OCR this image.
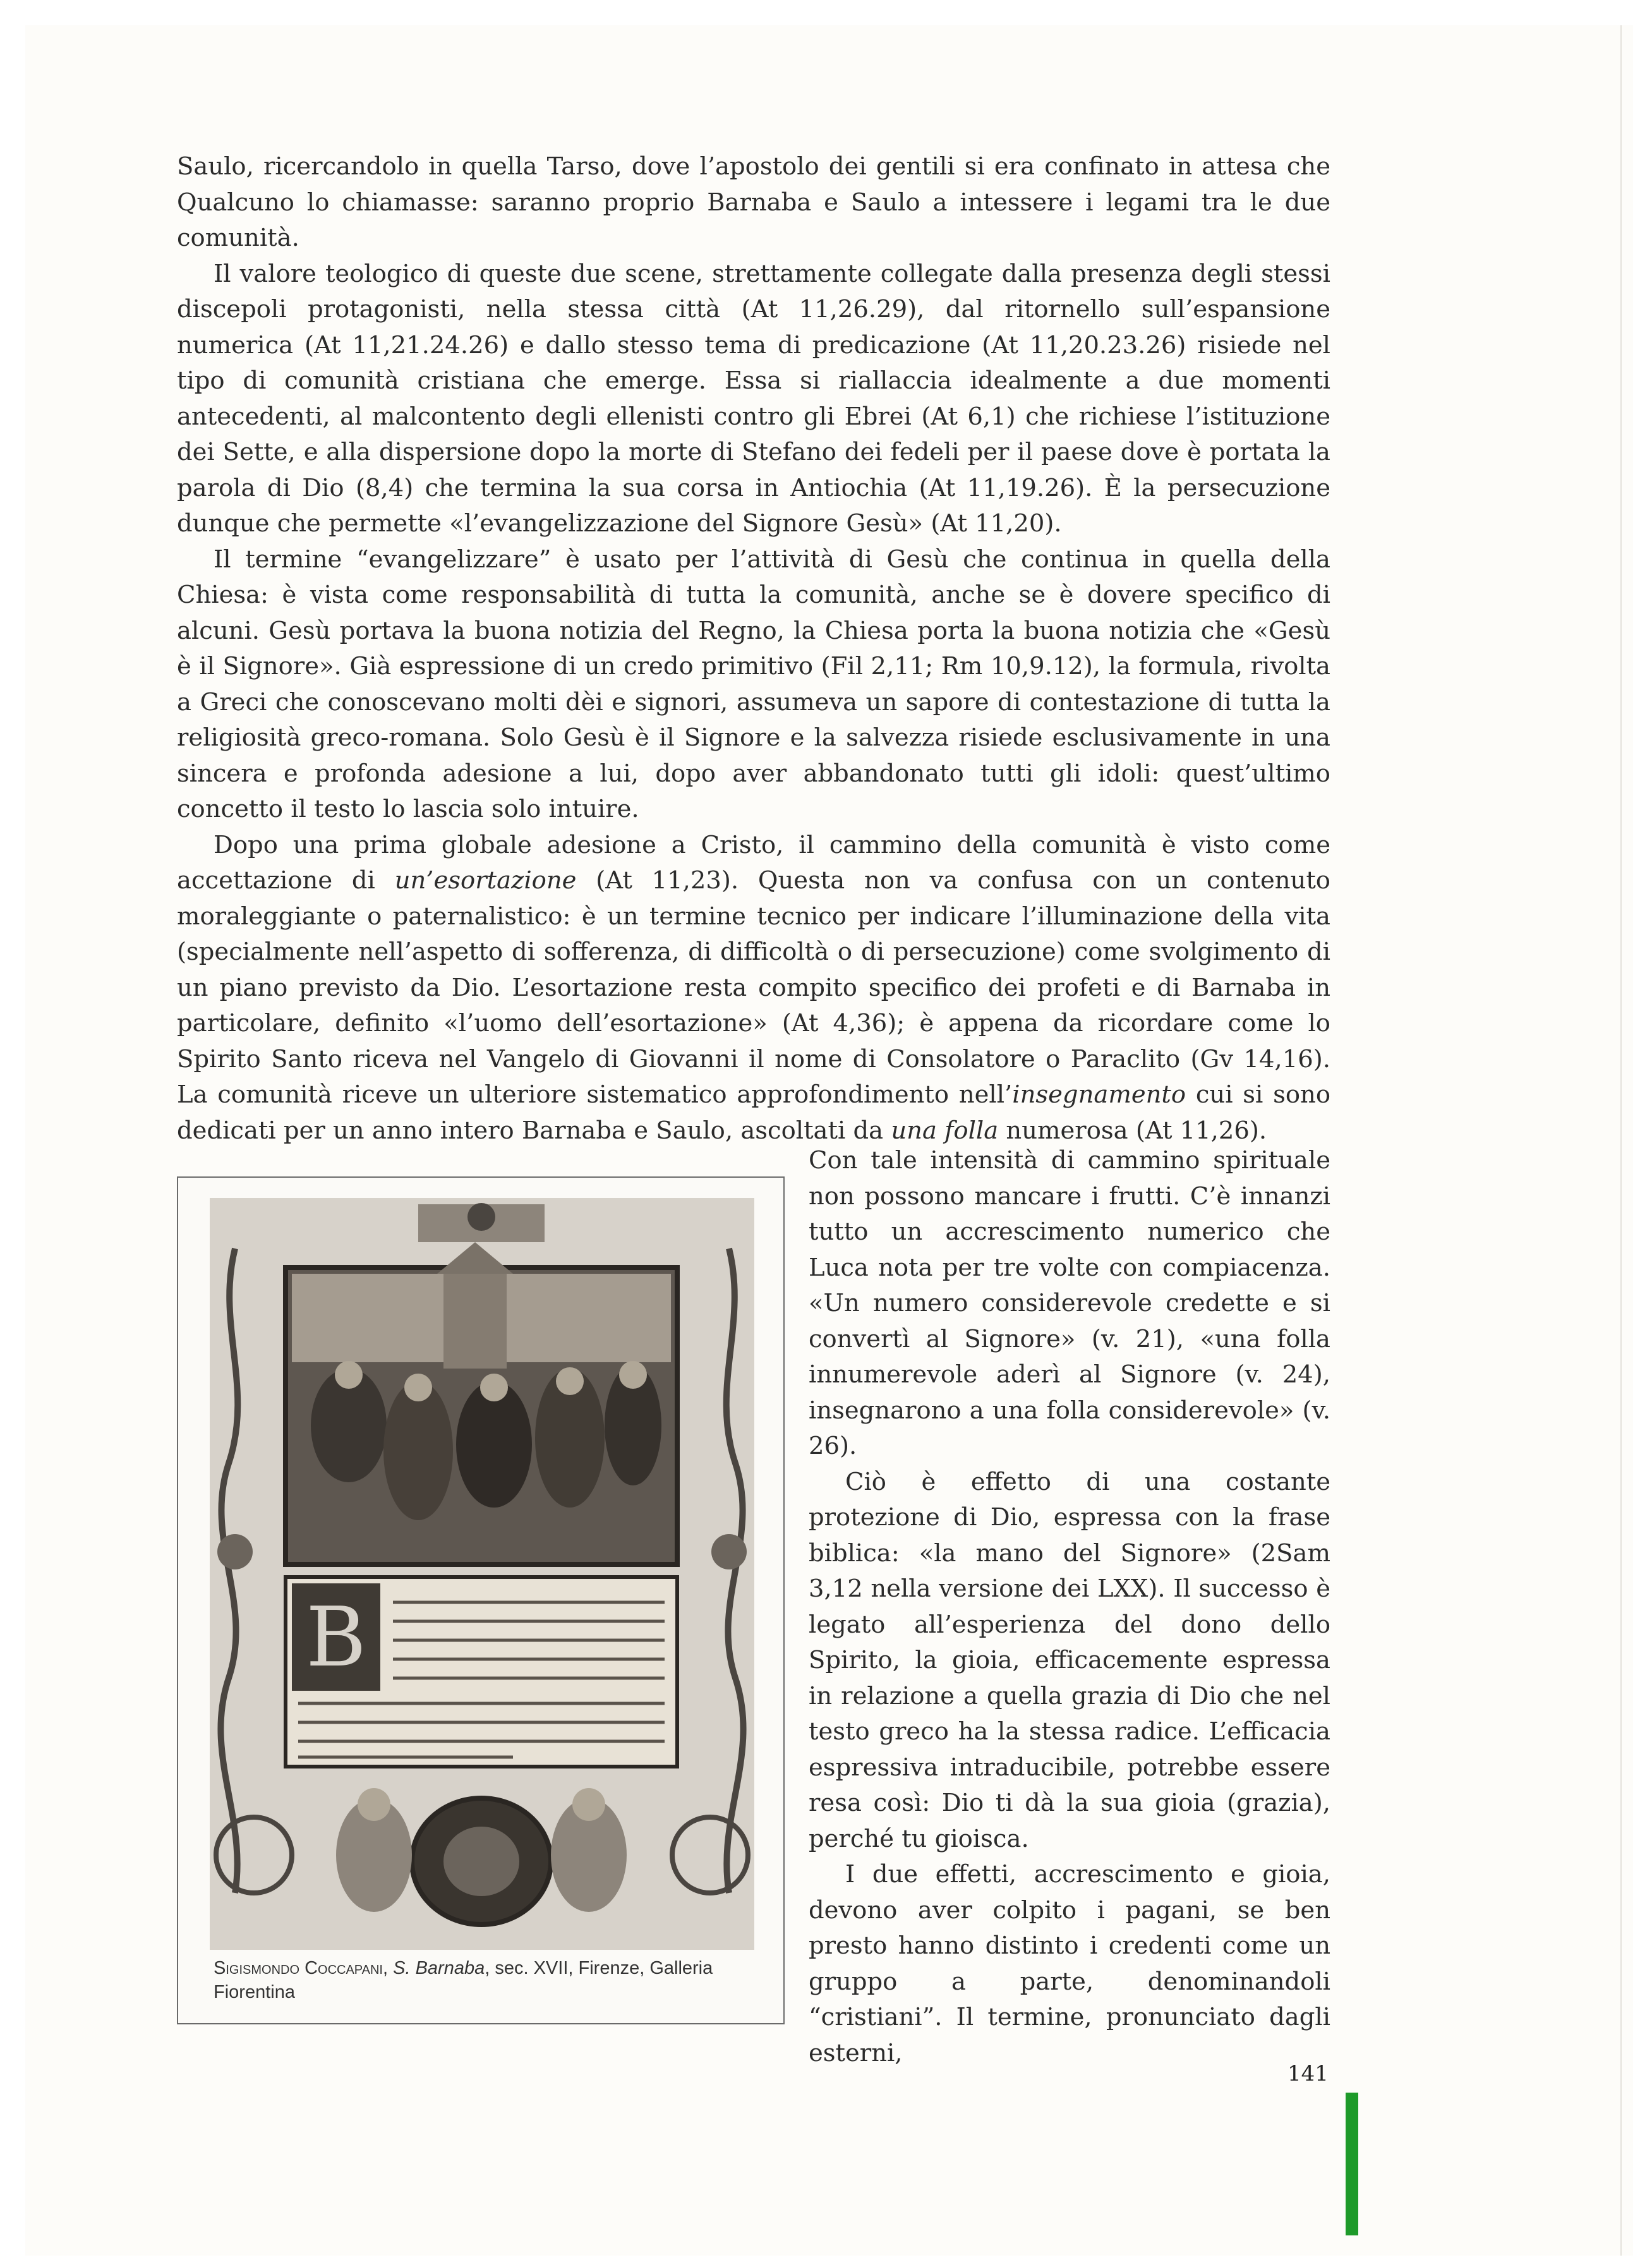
Saulo, ricercandolo in quella Tarso, dove l’apostolo dei gentili si era confinato in attesa che Qualcuno lo chiamasse: saranno proprio Barnaba e Saulo a intessere i legami tra le due comunità.

Il valore teologico di queste due scene, strettamente collegate dalla presenza degli stessi discepoli protagonisti, nella stessa città (At 11,26.29), dal ritornello sull’espansione numerica (At 11,21.24.26) e dallo stesso tema di predicazione (At 11,20.23.26) risiede nel tipo di comunità cristiana che emerge. Essa si riallaccia idealmente a due momenti antecedenti, al malcontento degli ellenisti contro gli Ebrei (At 6,1) che richiese l’istituzione dei Sette, e alla dispersione dopo la morte di Stefano dei fedeli per il paese dove è portata la parola di Dio (8,4) che termina la sua corsa in Antiochia (At 11,19.26). È la persecuzione dunque che permette «l’evangelizzazione del Signore Gesù» (At 11,20).

Il termine “evangelizzare” è usato per l’attività di Gesù che continua in quella della Chiesa: è vista come responsabilità di tutta la comunità, anche se è dovere specifico di alcuni. Gesù portava la buona notizia del Regno, la Chiesa porta la buona notizia che «Gesù è il Signore». Già espressione di un credo primitivo (Fil 2,11; Rm 10,9.12), la formula, rivolta a Greci che conoscevano molti dèi e signori, assumeva un sapore di contestazione di tutta la religiosità greco-romana. Solo Gesù è il Signore e la salvezza risiede esclusivamente in una sincera e profonda adesione a lui, dopo aver abbandonato tutti gli idoli: quest’ultimo concetto il testo lo lascia solo intuire.

Dopo una prima globale adesione a Cristo, il cammino della comunità è visto come accettazione di un’esortazione (At 11,23). Questa non va confusa con un contenuto moraleggiante o paternalistico: è un termine tecnico per indicare l’illuminazione della vita (specialmente nell’aspetto di sofferenza, di difficoltà o di persecuzione) come svolgimento di un piano previsto da Dio. L’esortazione resta compito specifico dei profeti e di Barnaba in particolare, definito «l’uomo dell’esortazione» (At 4,36); è appena da ricordare come lo Spirito Santo riceva nel Vangelo di Giovanni il nome di Consolatore o Paraclito (Gv 14,16). La comunità riceve un ulteriore sistematico approfondimento nell’insegnamento cui si sono dedicati per un anno intero Barnaba e Saulo, ascoltati da una folla numerosa (At 11,26).

Con tale intensità di cammino spirituale non possono mancare i frutti. C’è innanzi tutto un accrescimento numerico che Luca nota per tre volte con compiacenza. «Un numero considerevole credette e si convertì al Signore» (v. 21), «una folla innumerevole aderì al Signore (v. 24), insegnarono a una folla considerevole» (v. 26).

Ciò è effetto di una costante protezione di Dio, espressa con la frase biblica: «la mano del Signore» (2Sam 3,12 nella versione dei LXX). Il successo è legato all’esperienza del dono dello Spirito, la gioia, efficacemente espressa in relazione a quella grazia di Dio che nel testo greco ha la stessa radice. L’efficacia espressiva intraducibile, potrebbe essere resa così: Dio ti dà la sua gioia (grazia), perché tu gioisca.

I due effetti, accrescimento e gioia, devono aver colpito i pagani, se ben presto hanno distinto i credenti come un gruppo a parte, denominandoli “cristiani”. Il termine, pronunciato dagli esterni,

B
Sigismondo Coccapani, S. Barnaba, sec. XVII, Firenze, Galleria Fiorentina
141
